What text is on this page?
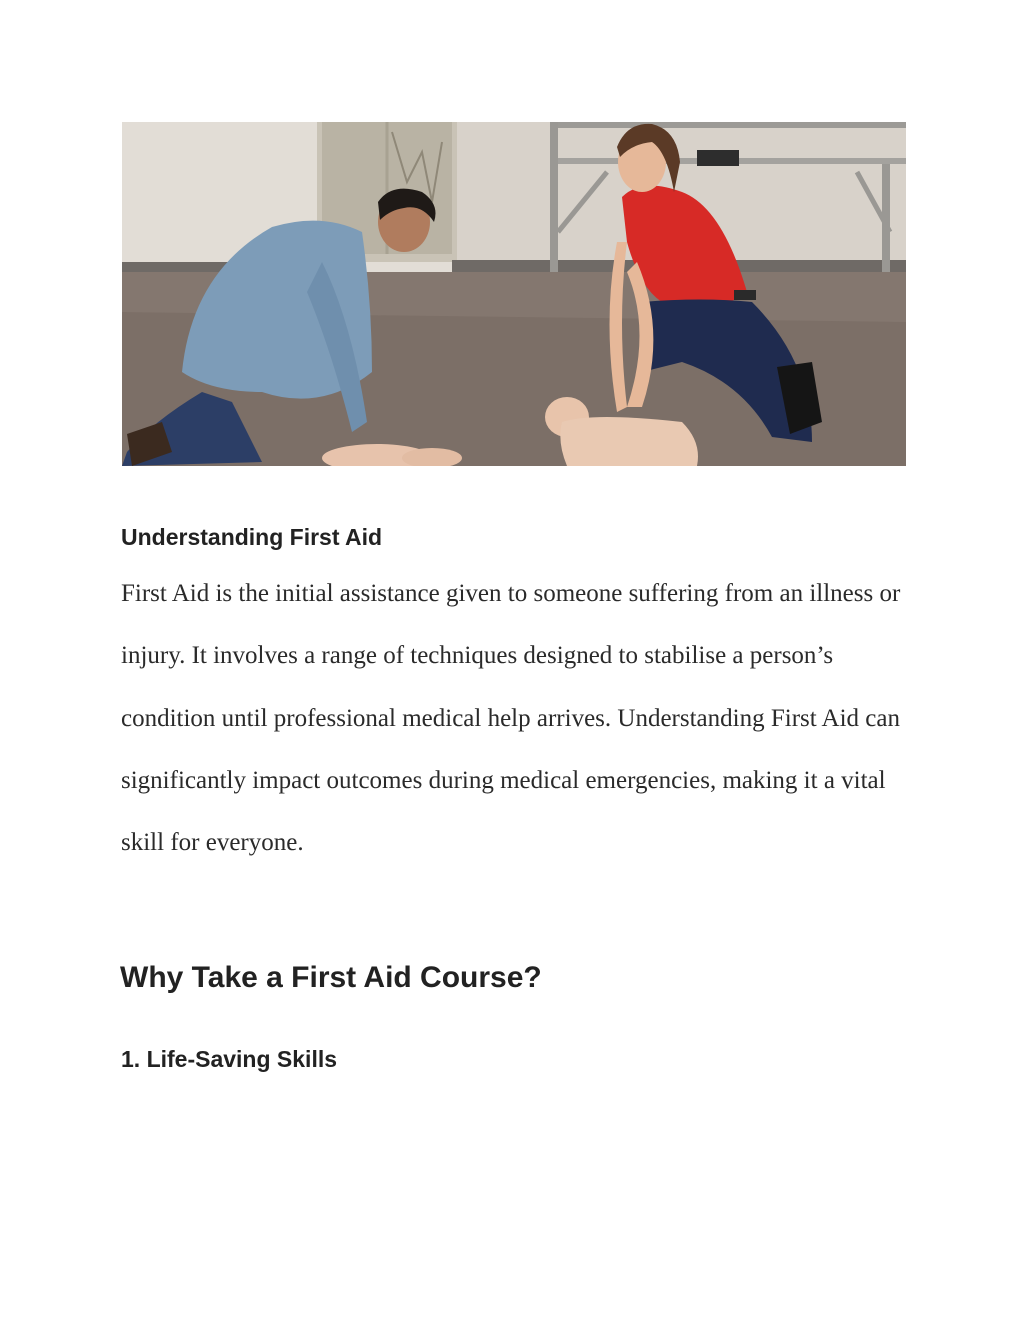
Understanding First Aid

First Aid is the initial assistance given to someone suffering from an illness or injury. It involves a range of techniques designed to stabilise a person’s condition until professional medical help arrives. Understanding First Aid can significantly impact outcomes during medical emergencies, making it a vital skill for everyone.

Why Take a First Aid Course?
1. Life-Saving Skills
